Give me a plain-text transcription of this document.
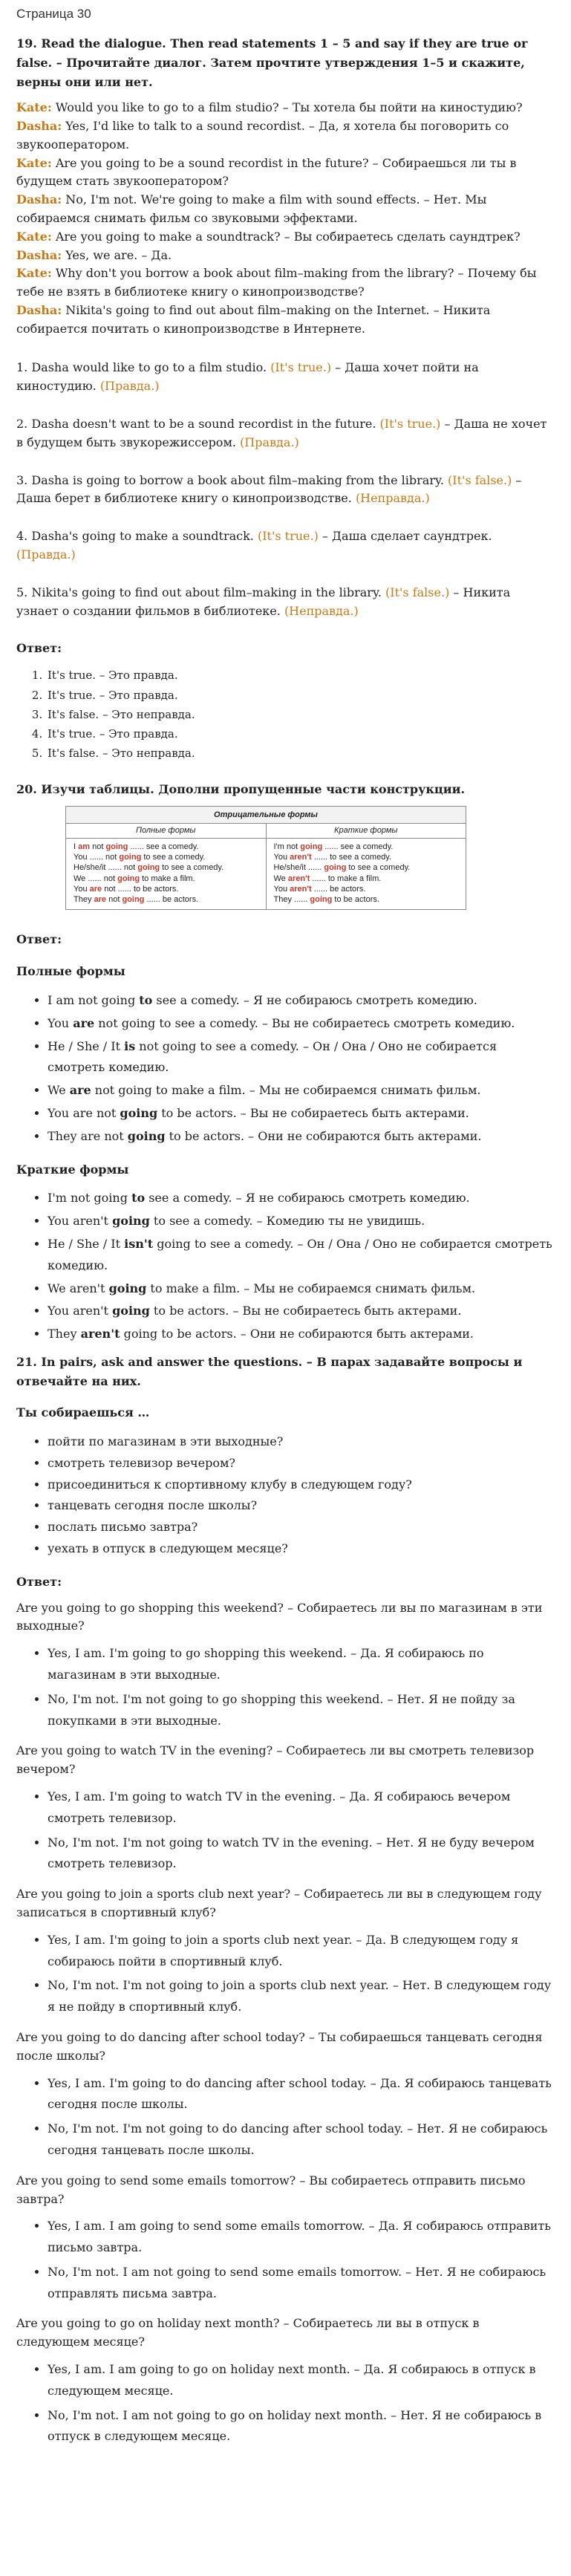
Страница 30
19. Read the dialogue. Then read statements 1 – 5 and say if they are true or false. – Прочитайте диалог. Затем прочтите утверждения 1–5 и скажите, верны они или нет.

Kate: Would you like to go to a film studio? – Ты хотела бы пойти на киностудию?

Dasha: Yes, I'd like to talk to a sound recordist. – Да, я хотела бы поговорить со звукооператором.

Kate: Are you going to be a sound recordist in the future? – Собираешься ли ты в будущем стать звукооператором?

Dasha: No, I'm not. We're going to make a film with sound effects. – Нет. Мы собираемся снимать фильм со звуковыми эффектами.

Kate: Are you going to make a soundtrack? – Вы собираетесь сделать саундтрек?

Dasha: Yes, we are. – Да.

Kate: Why don't you borrow a book about film–making from the library? – Почему бы тебе не взять в библиотеке книгу о кинопроизводстве?

Dasha: Nikita's going to find out about film–making on the Internet. – Никита собирается почитать о кинопроизводстве в Интернете.

1. Dasha would like to go to a film studio. (It's true.) – Даша хочет пойти на киностудию. (Правда.)

2. Dasha doesn't want to be a sound recordist in the future. (It's true.) – Даша не хочет в будущем быть звукорежиссером. (Правда.)

3. Dasha is going to borrow a book about film–making from the library. (It's false.) – Даша берет в библиотеке книгу о кинопроизводстве. (Неправда.)

4. Dasha's going to make a soundtrack. (It's true.) – Даша сделает саундтрек. (Правда.)

5. Nikita's going to find out about film–making in the library. (It's false.) – Никита узнает о создании фильмов в библиотеке. (Неправда.)

Ответ:
1. It's true. – Это правда.
2. It's true. – Это правда.
3. It's false. – Это неправда.
4. It's true. – Это правда.
5. It's false. – Это неправда.
20. Изучи таблицы. Дополни пропущенные части конструкции.
Отрицательные формы
Полные формы
I am not going ...... see a comedy.
You ...... not going to see a comedy.
He/she/it ...... not going to see a comedy.
We ...... not going to make a film.
You are not ...... to be actors.
They are not going ...... be actors.
Краткие формы
I'm not going ...... see a comedy.
You aren't ...... to see a comedy.
He/she/it ...... going to see a comedy.
We aren't ...... to make a film.
You aren't ...... be actors.
They ...... going to be actors.
Ответ:
Полные формы
• I am not going to see a comedy. – Я не собираюсь смотреть комедию.
• You are not going to see a comedy. – Вы не собираетесь смотреть комедию.
• He / She / It is not going to see a comedy. – Он / Она / Оно не собирается смотреть комедию.
• We are not going to make a film. – Мы не собираемся снимать фильм.
• You are not going to be actors. – Вы не собираетесь быть актерами.
• They are not going to be actors. – Они не собираются быть актерами.
Краткие формы
• I'm not going to see a comedy. – Я не собираюсь смотреть комедию.
• You aren't going to see a comedy. – Комедию ты не увидишь.
• He / She / It isn't going to see a comedy. – Он / Она / Оно не собирается смотреть комедию.
• We aren't going to make a film. – Мы не собираемся снимать фильм.
• You aren't going to be actors. – Вы не собираетесь быть актерами.
• They aren't going to be actors. – Они не собираются быть актерами.
21. In pairs, ask and answer the questions. – В парах задавайте вопросы и отвечайте на них.
Ты собираешься …
• пойти по магазинам в эти выходные?
• смотреть телевизор вечером?
• присоединиться к спортивному клубу в следующем году?
• танцевать сегодня после школы?
• послать письмо завтра?
• уехать в отпуск в следующем месяце?
Ответ:

Are you going to go shopping this weekend? – Собираетесь ли вы по магазинам в эти выходные?

• Yes, I am. I'm going to go shopping this weekend. – Да. Я собираюсь по магазинам в эти выходные.
• No, I'm not. I'm not going to go shopping this weekend. – Нет. Я не пойду за покупками в эти выходные.

Are you going to watch TV in the evening? – Собираетесь ли вы смотреть телевизор вечером?

• Yes, I am. I'm going to watch TV in the evening. – Да. Я собираюсь вечером смотреть телевизор.
• No, I'm not. I'm not going to watch TV in the evening. – Нет. Я не буду вечером смотреть телевизор.

Are you going to join a sports club next year? – Собираетесь ли вы в следующем году записаться в спортивный клуб?

• Yes, I am. I'm going to join a sports club next year. – Да. В следующем году я собираюсь пойти в спортивный клуб.
• No, I'm not. I'm not going to join a sports club next year. – Нет. В следующем году я не пойду в спортивный клуб.

Are you going to do dancing after school today? – Ты собираешься танцевать сегодня после школы?

• Yes, I am. I'm going to do dancing after school today. – Да. Я собираюсь танцевать сегодня после школы.
• No, I'm not. I'm not going to do dancing after school today. – Нет. Я не собираюсь сегодня танцевать после школы.

Are you going to send some emails tomorrow? – Вы собираетесь отправить письмо завтра?

• Yes, I am. I am going to send some emails tomorrow. – Да. Я собираюсь отправить письмо завтра.
• No, I'm not. I am not going to send some emails tomorrow. – Нет. Я не собираюсь отправлять письма завтра.

Are you going to go on holiday next month? – Собираетесь ли вы в отпуск в следующем месяце?

• Yes, I am. I am going to go on holiday next month. – Да. Я собираюсь в отпуск в следующем месяце.
• No, I'm not. I am not going to go on holiday next month. – Нет. Я не собираюсь в отпуск в следующем месяце.
